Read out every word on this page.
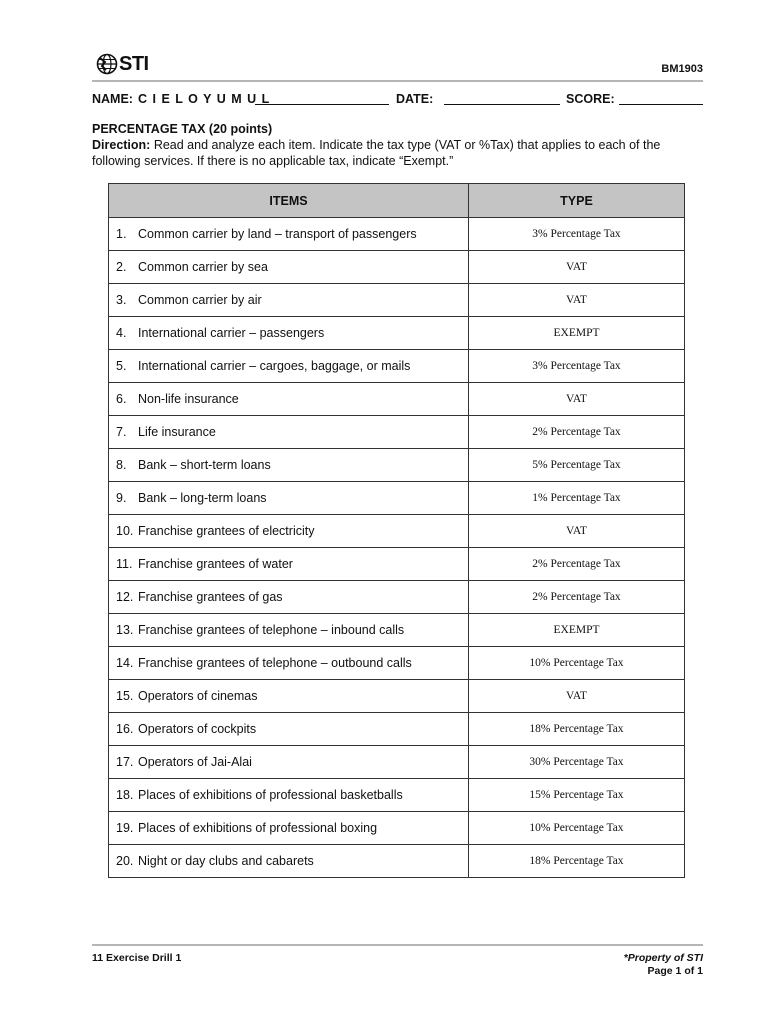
STI	BM1903
NAME: C I E L O Y U M U L	DATE:	SCORE:
PERCENTAGE TAX (20 points)
Direction: Read and analyze each item. Indicate the tax type (VAT or %Tax) that applies to each of the following services. If there is no applicable tax, indicate “Exempt.”
ITEMS	TYPE
1. Common carrier by land – transport of passengers	3% Percentage Tax
2. Common carrier by sea	VAT
3. Common carrier by air	VAT
4. International carrier – passengers	EXEMPT
5. International carrier – cargoes, baggage, or mails	3% Percentage Tax
6. Non-life insurance	VAT
7. Life insurance	2% Percentage Tax
8. Bank – short-term loans	5% Percentage Tax
9. Bank – long-term loans	1% Percentage Tax
10. Franchise grantees of electricity	VAT
11. Franchise grantees of water	2% Percentage Tax
12. Franchise grantees of gas	2% Percentage Tax
13. Franchise grantees of telephone – inbound calls	EXEMPT
14. Franchise grantees of telephone – outbound calls	10% Percentage Tax
15. Operators of cinemas	VAT
16. Operators of cockpits	18% Percentage Tax
17. Operators of Jai-Alai	30% Percentage Tax
18. Places of exhibitions of professional basketballs	15% Percentage Tax
19. Places of exhibitions of professional boxing	10% Percentage Tax
20. Night or day clubs and cabarets	18% Percentage Tax
11 Exercise Drill 1	*Property of STI
Page 1 of 1
